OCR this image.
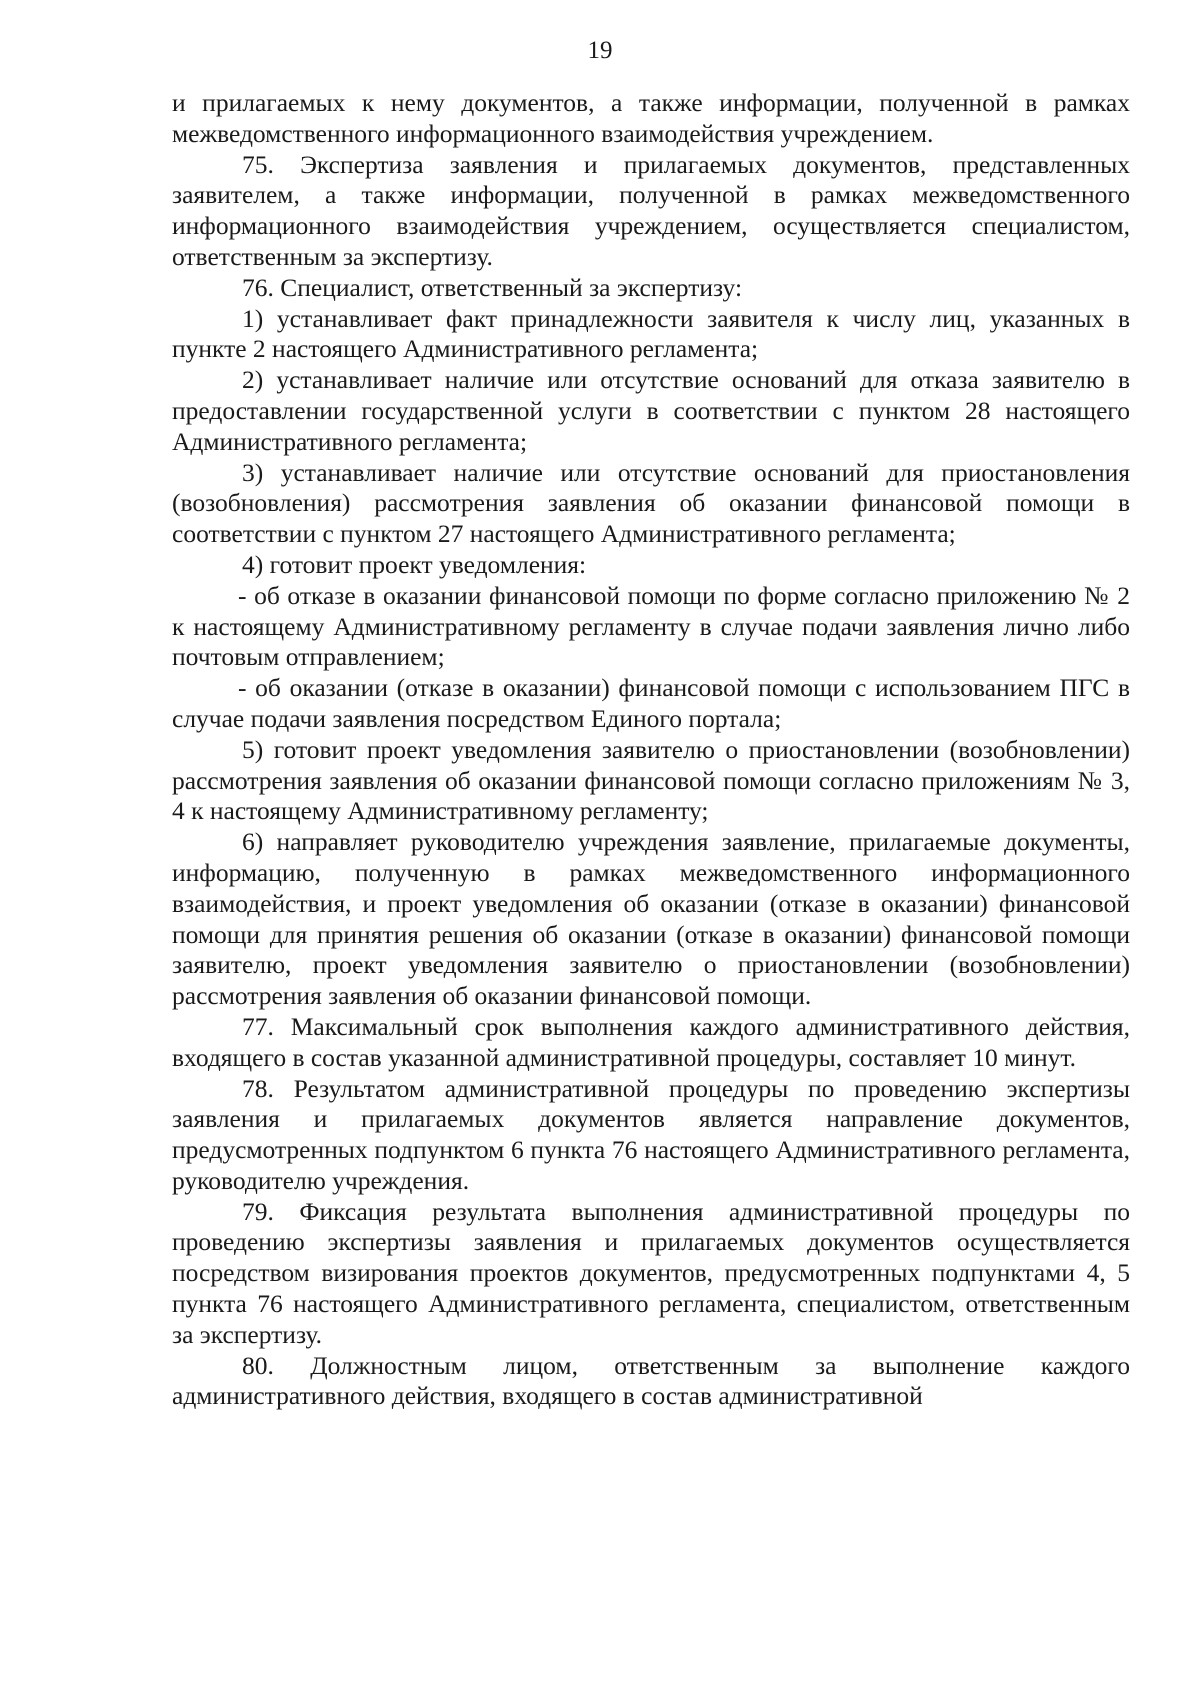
19

и прилагаемых к нему документов, а также информации, полученной в рамках межведомственного информационного взаимодействия учреждением.

75. Экспертиза заявления и прилагаемых документов, представленных заявителем, а также информации, полученной в рамках межведомственного информационного взаимодействия учреждением, осуществляется специалистом, ответственным за экспертизу.

76. Специалист, ответственный за экспертизу:

1) устанавливает факт принадлежности заявителя к числу лиц, указанных в пункте 2 настоящего Административного регламента;

2) устанавливает наличие или отсутствие оснований для отказа заявителю в предоставлении государственной услуги в соответствии с пунктом 28 настоящего Административного регламента;

3) устанавливает наличие или отсутствие оснований для приостановления (возобновления) рассмотрения заявления об оказании финансовой помощи в соответствии с пунктом 27 настоящего Административного регламента;

4) готовит проект уведомления:

- об отказе в оказании финансовой помощи по форме согласно приложению № 2 к настоящему Административному регламенту в случае подачи заявления лично либо почтовым отправлением;

- об оказании (отказе в оказании) финансовой помощи с использованием ПГС в случае подачи заявления посредством Единого портала;

5) готовит проект уведомления заявителю о приостановлении (возобновлении) рассмотрения заявления об оказании финансовой помощи согласно приложениям № 3, 4 к настоящему Административному регламенту;

6) направляет руководителю учреждения заявление, прилагаемые документы, информацию, полученную в рамках межведомственного информационного взаимодействия, и проект уведомления об оказании (отказе в оказании) финансовой помощи для принятия решения об оказании (отказе в оказании) финансовой помощи заявителю, проект уведомления заявителю о приостановлении (возобновлении) рассмотрения заявления об оказании финансовой помощи.

77. Максимальный срок выполнения каждого административного действия, входящего в состав указанной административной процедуры, составляет 10 минут.

78. Результатом административной процедуры по проведению экспертизы заявления и прилагаемых документов является направление документов, предусмотренных подпунктом 6 пункта 76 настоящего Административного регламента, руководителю учреждения.

79. Фиксация результата выполнения административной процедуры по проведению экспертизы заявления и прилагаемых документов осуществляется посредством визирования проектов документов, предусмотренных подпунктами 4, 5 пункта 76 настоящего Административного регламента, специалистом, ответственным за экспертизу.

80. Должностным лицом, ответственным за выполнение каждого административного действия, входящего в состав административной
